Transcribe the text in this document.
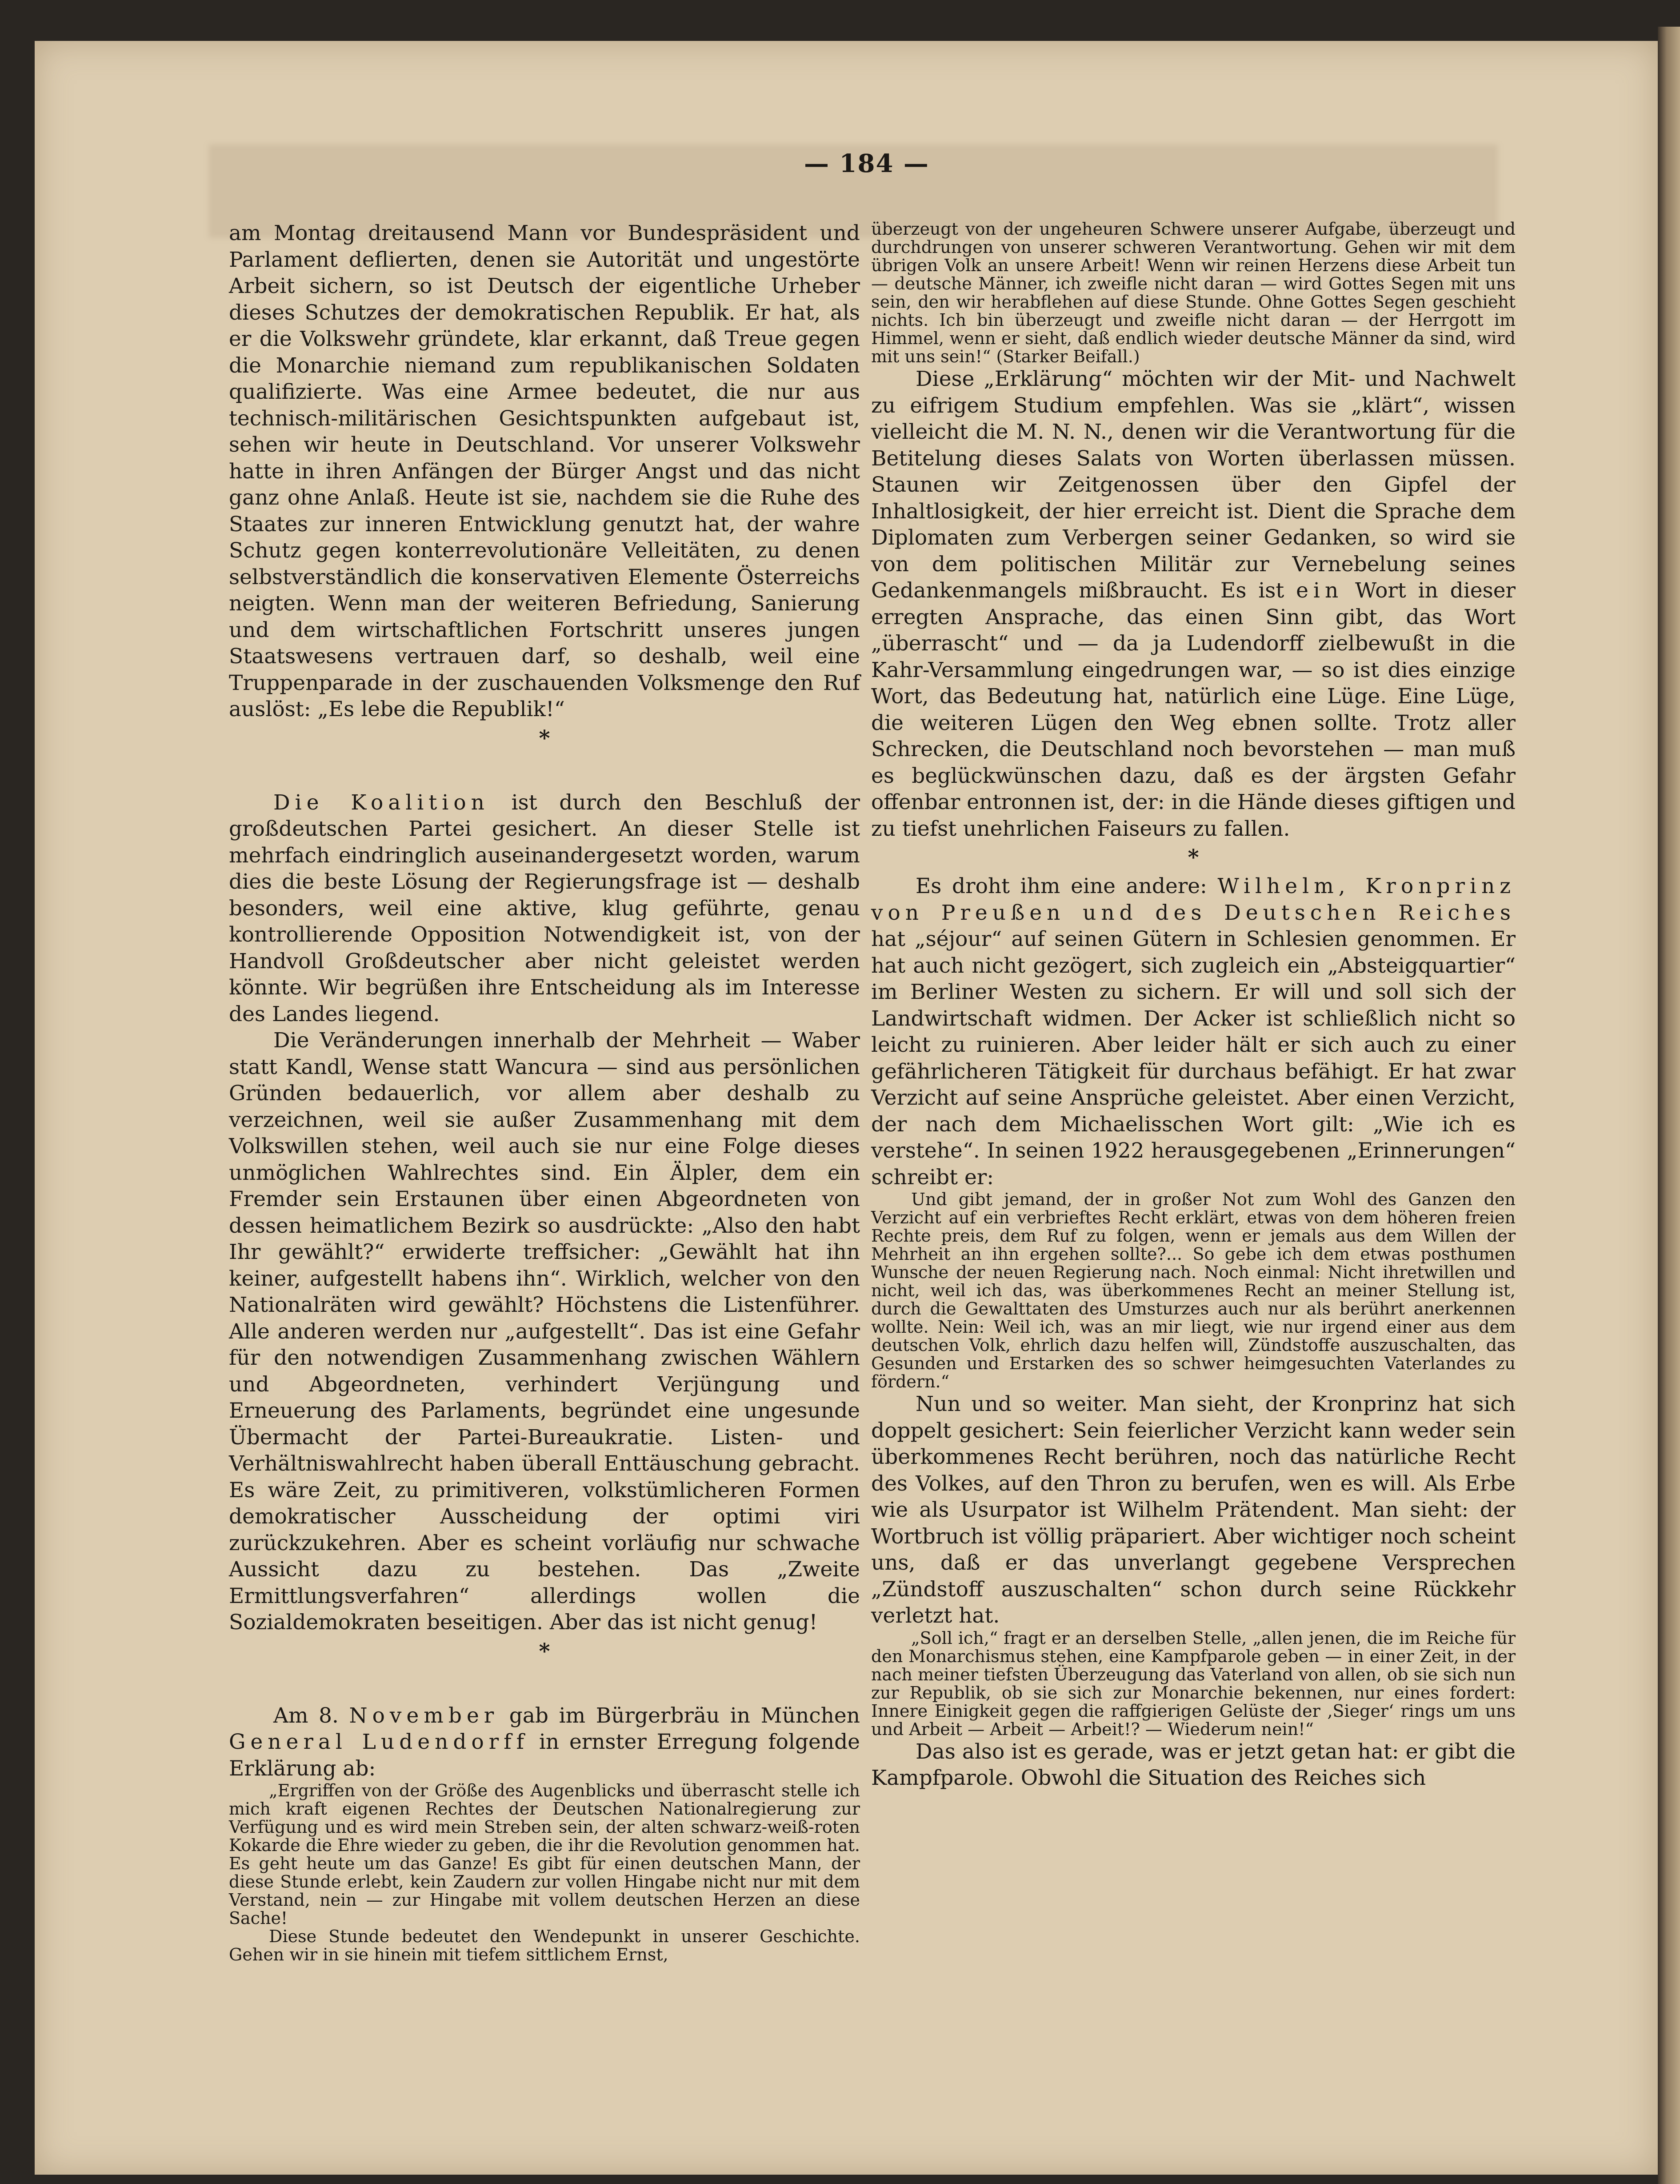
— 184 —

am Montag dreitausend Mann vor Bundespräsident und Parlament deflierten, denen sie Autorität und ungestörte Arbeit sichern, so ist Deutsch der eigentliche Urheber dieses Schutzes der demokratischen Republik. Er hat, als er die Volkswehr gründete, klar erkannt, daß Treue gegen die Monarchie niemand zum republikanischen Soldaten qualifizierte. Was eine Armee bedeutet, die nur aus technisch-militärischen Gesichtspunkten aufgebaut ist, sehen wir heute in Deutschland. Vor unserer Volkswehr hatte in ihren Anfängen der Bürger Angst und das nicht ganz ohne Anlaß. Heute ist sie, nachdem sie die Ruhe des Staates zur inneren Entwicklung genutzt hat, der wahre Schutz gegen konterrevolutionäre Velleitäten, zu denen selbstverständlich die konservativen Elemente Österreichs neigten. Wenn man der weiteren Befriedung, Sanierung und dem wirtschaftlichen Fortschritt unseres jungen Staatswesens vertrauen darf, so deshalb, weil eine Truppenparade in der zuschauenden Volksmenge den Ruf auslöst: „Es lebe die Republik!“

*

Die Koalition ist durch den Beschluß der großdeutschen Partei gesichert. An dieser Stelle ist mehrfach eindringlich auseinandergesetzt worden, warum dies die beste Lösung der Regierungsfrage ist — deshalb besonders, weil eine aktive, klug geführte, genau kontrollierende Opposition Notwendigkeit ist, von der Handvoll Großdeutscher aber nicht geleistet werden könnte. Wir begrüßen ihre Entscheidung als im Interesse des Landes liegend.

Die Veränderungen innerhalb der Mehrheit — Waber statt Kandl, Wense statt Wancura — sind aus persönlichen Gründen bedauerlich, vor allem aber deshalb zu verzeichnen, weil sie außer Zusammenhang mit dem Volkswillen stehen, weil auch sie nur eine Folge dieses unmöglichen Wahlrechtes sind. Ein Älpler, dem ein Fremder sein Erstaunen über einen Abgeordneten von dessen heimatlichem Bezirk so ausdrückte: „Also den habt Ihr gewählt?“ erwiderte treffsicher: „Gewählt hat ihn keiner, aufgestellt habens ihn“. Wirklich, welcher von den Nationalräten wird gewählt? Höchstens die Listenführer. Alle anderen werden nur „aufgestellt“. Das ist eine Gefahr für den notwendigen Zusammenhang zwischen Wählern und Abgeordneten, verhindert Verjüngung und Erneuerung des Parlaments, begründet eine ungesunde Übermacht der Partei-Bureaukratie. Listen- und Verhältniswahlrecht haben überall Enttäuschung gebracht. Es wäre Zeit, zu primitiveren, volkstümlicheren Formen demokratischer Ausscheidung der optimi viri zurückzukehren. Aber es scheint vorläufig nur schwache Aussicht dazu zu bestehen. Das „Zweite Ermittlungsverfahren“ allerdings wollen die Sozialdemokraten beseitigen. Aber das ist nicht genug!

*

Am 8. November gab im Bürgerbräu in München General Ludendorff in ernster Erregung folgende Erklärung ab:

„Ergriffen von der Größe des Augenblicks und überrascht stelle ich mich kraft eigenen Rechtes der Deutschen Nationalregierung zur Verfügung und es wird mein Streben sein, der alten schwarz-weiß-roten Kokarde die Ehre wieder zu geben, die ihr die Revolution genommen hat. Es geht heute um das Ganze! Es gibt für einen deutschen Mann, der diese Stunde erlebt, kein Zaudern zur vollen Hingabe nicht nur mit dem Verstand, nein — zur Hingabe mit vollem deutschen Herzen an diese Sache!

Diese Stunde bedeutet den Wendepunkt in unserer Geschichte. Gehen wir in sie hinein mit tiefem sittlichem Ernst,

überzeugt von der ungeheuren Schwere unserer Aufgabe, überzeugt und durchdrungen von unserer schweren Verantwortung. Gehen wir mit dem übrigen Volk an unsere Arbeit! Wenn wir reinen Herzens diese Arbeit tun — deutsche Männer, ich zweifle nicht daran — wird Gottes Segen mit uns sein, den wir herabflehen auf diese Stunde. Ohne Gottes Segen geschieht nichts. Ich bin überzeugt und zweifle nicht daran — der Herrgott im Himmel, wenn er sieht, daß endlich wieder deutsche Männer da sind, wird mit uns sein!“ (Starker Beifall.)

Diese „Erklärung“ möchten wir der Mit- und Nachwelt zu eifrigem Studium empfehlen. Was sie „klärt“, wissen vielleicht die M. N. N., denen wir die Verantwortung für die Betitelung dieses Salats von Worten überlassen müssen. Staunen wir Zeitgenossen über den Gipfel der Inhaltlosigkeit, der hier erreicht ist. Dient die Sprache dem Diplomaten zum Verbergen seiner Gedanken, so wird sie von dem politischen Militär zur Vernebelung seines Gedankenmangels mißbraucht. Es ist ein Wort in dieser erregten Ansprache, das einen Sinn gibt, das Wort „überrascht“ und — da ja Ludendorff zielbewußt in die Kahr-Versammlung eingedrungen war, — so ist dies einzige Wort, das Bedeutung hat, natürlich eine Lüge. Eine Lüge, die weiteren Lügen den Weg ebnen sollte. Trotz aller Schrecken, die Deutschland noch bevorstehen — man muß es beglückwünschen dazu, daß es der ärgsten Gefahr offenbar entronnen ist, der: in die Hände dieses giftigen und zu tiefst unehrlichen Faiseurs zu fallen.

*

Es droht ihm eine andere: Wilhelm, Kronprinz von Preußen und des Deutschen Reiches hat „séjour“ auf seinen Gütern in Schlesien genommen. Er hat auch nicht gezögert, sich zugleich ein „Absteigquartier“ im Berliner Westen zu sichern. Er will und soll sich der Landwirtschaft widmen. Der Acker ist schließlich nicht so leicht zu ruinieren. Aber leider hält er sich auch zu einer gefährlicheren Tätigkeit für durchaus befähigt. Er hat zwar Verzicht auf seine Ansprüche geleistet. Aber einen Verzicht, der nach dem Michaelisschen Wort gilt: „Wie ich es verstehe“. In seinen 1922 herausgegebenen „Erinnerungen“ schreibt er:

Und gibt jemand, der in großer Not zum Wohl des Ganzen den Verzicht auf ein verbrieftes Recht erklärt, etwas von dem höheren freien Rechte preis, dem Ruf zu folgen, wenn er jemals aus dem Willen der Mehrheit an ihn ergehen sollte?... So gebe ich dem etwas posthumen Wunsche der neuen Regierung nach. Noch einmal: Nicht ihretwillen und nicht, weil ich das, was überkommenes Recht an meiner Stellung ist, durch die Gewalttaten des Umsturzes auch nur als berührt anerkennen wollte. Nein: Weil ich, was an mir liegt, wie nur irgend einer aus dem deutschen Volk, ehrlich dazu helfen will, Zündstoffe auszuschalten, das Gesunden und Erstarken des so schwer heimgesuchten Vaterlandes zu fördern.“

Nun und so weiter. Man sieht, der Kronprinz hat sich doppelt gesichert: Sein feierlicher Verzicht kann weder sein überkommenes Recht berühren, noch das natürliche Recht des Volkes, auf den Thron zu berufen, wen es will. Als Erbe wie als Usurpator ist Wilhelm Prätendent. Man sieht: der Wortbruch ist völlig präpariert. Aber wichtiger noch scheint uns, daß er das unverlangt gegebene Versprechen „Zündstoff auszuschalten“ schon durch seine Rückkehr verletzt hat.

„Soll ich,“ fragt er an derselben Stelle, „allen jenen, die im Reiche für den Monarchismus stehen, eine Kampfparole geben — in einer Zeit, in der nach meiner tiefsten Überzeugung das Vaterland von allen, ob sie sich nun zur Republik, ob sie sich zur Monarchie bekennen, nur eines fordert: Innere Einigkeit gegen die raffgierigen Gelüste der ‚Sieger‘ rings um uns und Arbeit — Arbeit — Arbeit!? — Wiederum nein!“

Das also ist es gerade, was er jetzt getan hat: er gibt die Kampfparole. Obwohl die Situation des Reiches sich
